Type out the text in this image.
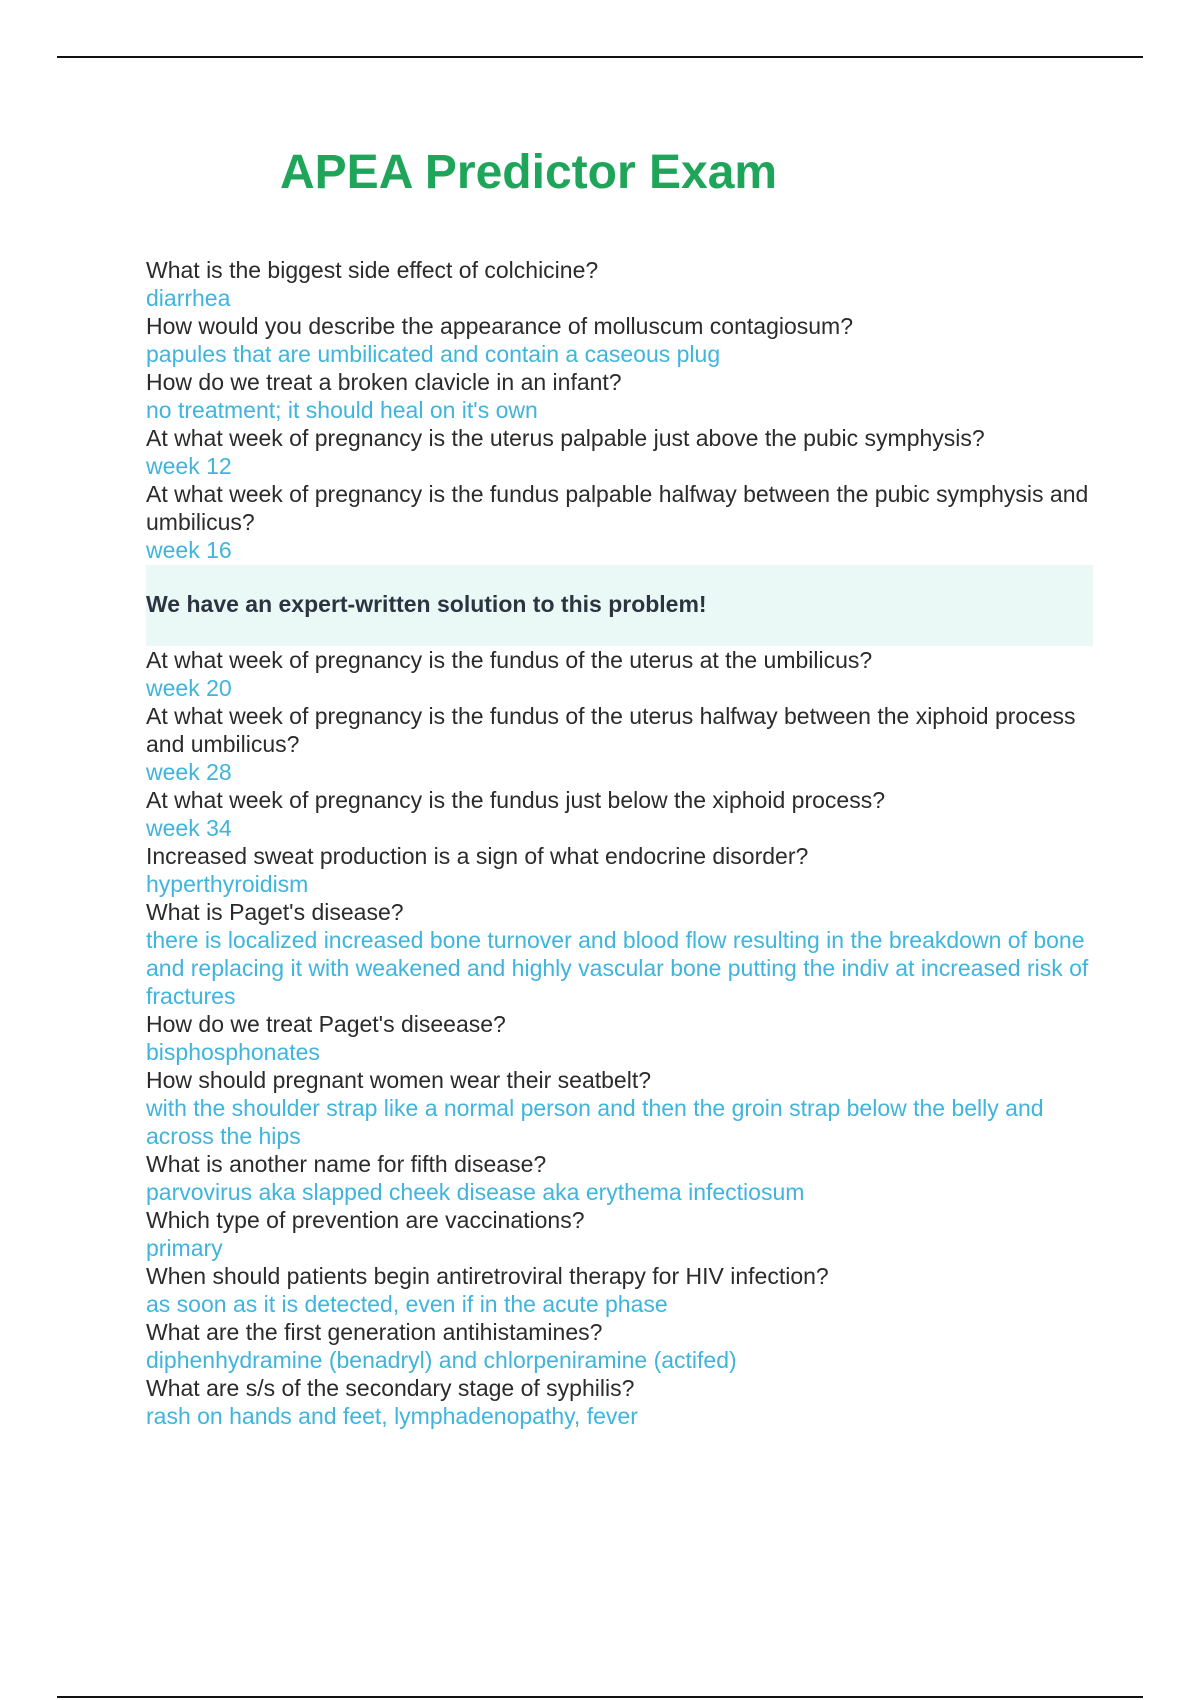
APEA Predictor Exam

What is the biggest side effect of colchicine?

diarrhea

How would you describe the appearance of molluscum contagiosum?

papules that are umbilicated and contain a caseous plug

How do we treat a broken clavicle in an infant?

no treatment; it should heal on it's own

At what week of pregnancy is the uterus palpable just above the pubic symphysis?

week 12

At what week of pregnancy is the fundus palpable halfway between the pubic symphysis and umbilicus?

week 16

We have an expert-written solution to this problem!

At what week of pregnancy is the fundus of the uterus at the umbilicus?

week 20

At what week of pregnancy is the fundus of the uterus halfway between the xiphoid process and umbilicus?

week 28

At what week of pregnancy is the fundus just below the xiphoid process?

week 34

Increased sweat production is a sign of what endocrine disorder?

hyperthyroidism

What is Paget's disease?

there is localized increased bone turnover and blood flow resulting in the breakdown of bone and replacing it with weakened and highly vascular bone putting the indiv at increased risk of fractures

How do we treat Paget's diseease?

bisphosphonates

How should pregnant women wear their seatbelt?

with the shoulder strap like a normal person and then the groin strap below the belly and across the hips

What is another name for fifth disease?

parvovirus aka slapped cheek disease aka erythema infectiosum

Which type of prevention are vaccinations?

primary

When should patients begin antiretroviral therapy for HIV infection?

as soon as it is detected, even if in the acute phase

What are the first generation antihistamines?

diphenhydramine (benadryl) and chlorpeniramine (actifed)

What are s/s of the secondary stage of syphilis?

rash on hands and feet, lymphadenopathy, fever
